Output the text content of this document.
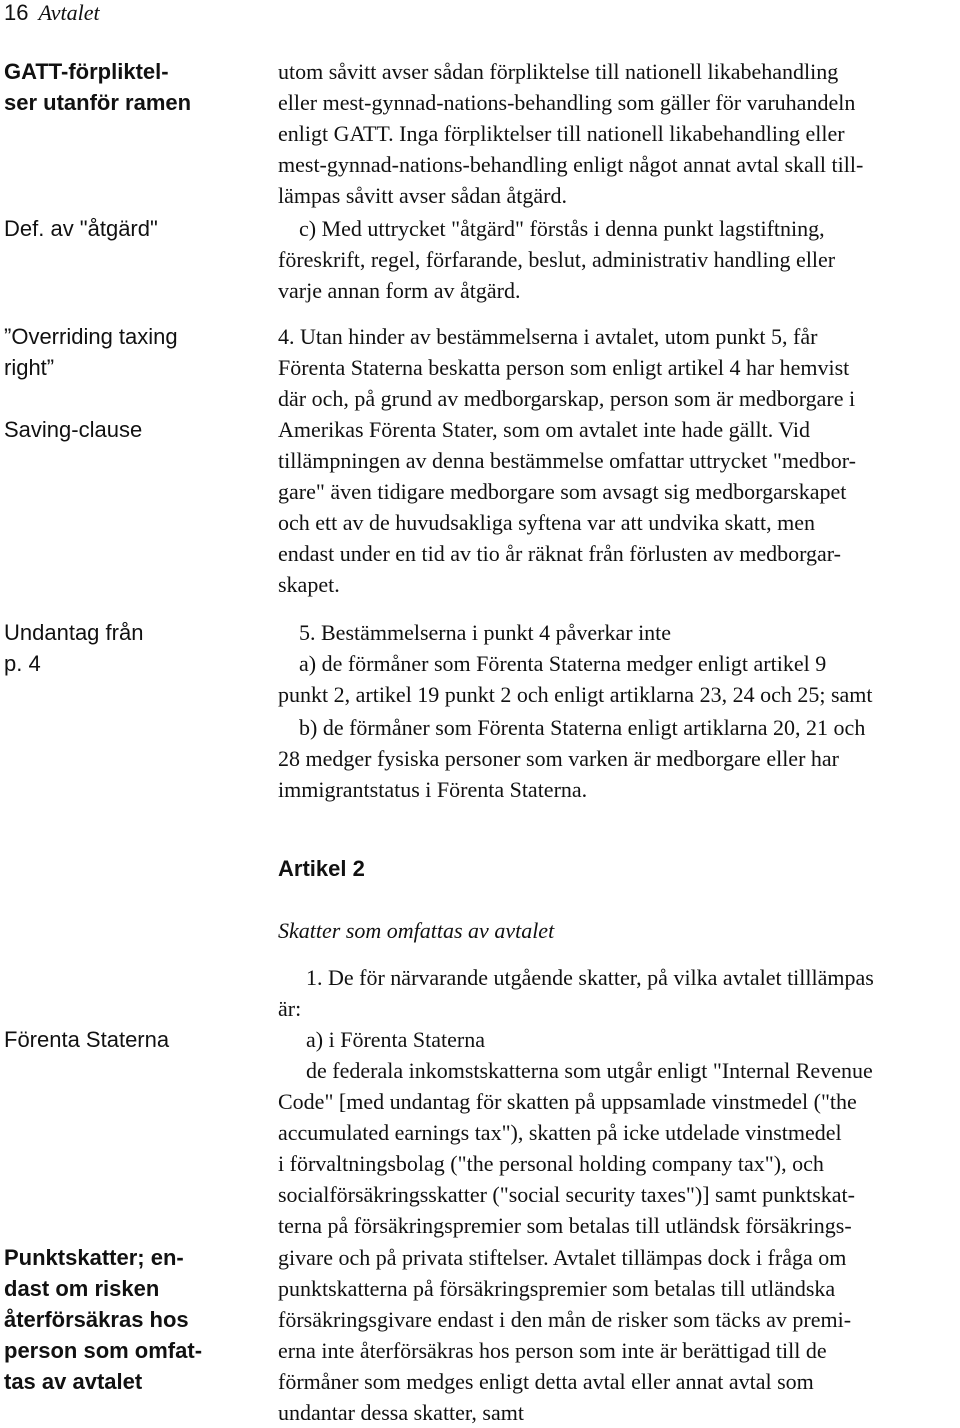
16 Avtalet
GATT-förpliktel-
ser utanför ramen
Def. av "åtgärd"
”Overriding taxing
right”
Saving-clause
Undantag från
p. 4
Förenta Staterna
Punktskatter; en-
dast om risken
återförsäkras hos
person som omfat-
tas av avtalet
utom såvitt avser sådan förpliktelse till nationell likabehandling
eller mest-gynnad-nations-behandling som gäller för varuhandeln
enligt GATT. Inga förpliktelser till nationell likabehandling eller
mest-gynnad-nations-behandling enligt något annat avtal skall till-
lämpas såvitt avser sådan åtgärd.
c) Med uttrycket "åtgärd" förstås i denna punkt lagstiftning,
föreskrift, regel, förfarande, beslut, administrativ handling eller
varje annan form av åtgärd.
4. Utan hinder av bestämmelserna i avtalet, utom punkt 5, får
Förenta Staterna beskatta person som enligt artikel 4 har hemvist
där och, på grund av medborgarskap, person som är medborgare i
Amerikas Förenta Stater, som om avtalet inte hade gällt. Vid
tillämpningen av denna bestämmelse omfattar uttrycket "medbor-
gare" även tidigare medborgare som avsagt sig medborgarskapet
och ett av de huvudsakliga syftena var att undvika skatt, men
endast under en tid av tio år räknat från förlusten av medborgar-
skapet.
5. Bestämmelserna i punkt 4 påverkar inte
a) de förmåner som Förenta Staterna medger enligt artikel 9
punkt 2, artikel 19 punkt 2 och enligt artiklarna 23, 24 och 25; samt
b) de förmåner som Förenta Staterna enligt artiklarna 20, 21 och
28 medger fysiska personer som varken är medborgare eller har
immigrantstatus i Förenta Staterna.
1. De för närvarande utgående skatter, på vilka avtalet tilllämpas
är:
a) i Förenta Staterna
de federala inkomstskatterna som utgår enligt "Internal Revenue
Code" [med undantag för skatten på uppsamlade vinstmedel ("the
accumulated earnings tax"), skatten på icke utdelade vinstmedel
i förvaltningsbolag ("the personal holding company tax"), och
socialförsäkringsskatter ("social security taxes")] samt punktskat-
terna på försäkringspremier som betalas till utländsk försäkrings-
givare och på privata stiftelser. Avtalet tillämpas dock i fråga om
punktskatterna på försäkringspremier som betalas till utländska
försäkringsgivare endast i den mån de risker som täcks av premi-
erna inte återförsäkras hos person som inte är berättigad till de
förmåner som medges enligt detta avtal eller annat avtal som
undantar dessa skatter, samt
Artikel 2
Skatter som omfattas av avtalet
